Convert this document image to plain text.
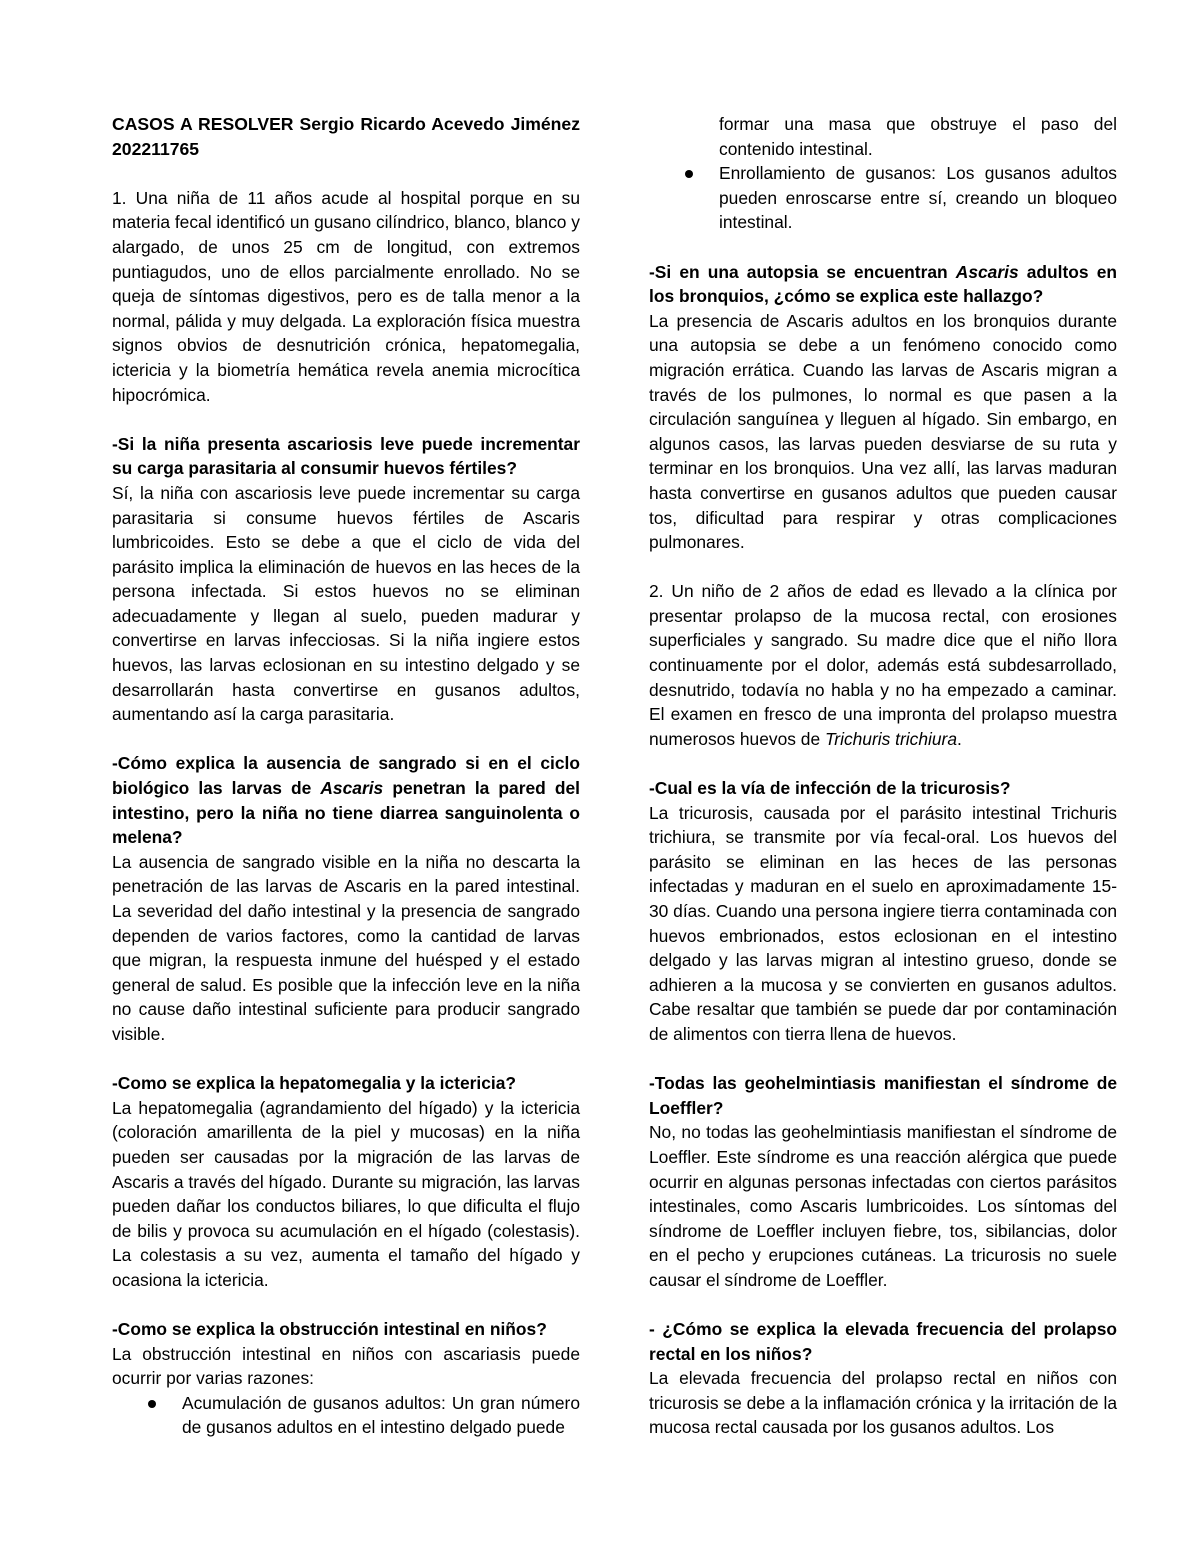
CASOS A RESOLVER Sergio Ricardo Acevedo Jiménez 202211765

1. Una niña de 11 años acude al hospital porque en su materia fecal identificó un gusano cilíndrico, blanco, blanco y alargado, de unos 25 cm de longitud, con extremos puntiagudos, uno de ellos parcialmente enrollado. No se queja de síntomas digestivos, pero es de talla menor a la normal, pálida y muy delgada. La exploración física muestra signos obvios de desnutrición crónica, hepatomegalia, ictericia y la biometría hemática revela anemia microcítica hipocrómica.

-Si la niña presenta ascariosis leve puede incrementar su carga parasitaria al consumir huevos fértiles?

Sí, la niña con ascariosis leve puede incrementar su carga parasitaria si consume huevos fértiles de Ascaris lumbricoides. Esto se debe a que el ciclo de vida del parásito implica la eliminación de huevos en las heces de la persona infectada. Si estos huevos no se eliminan adecuadamente y llegan al suelo, pueden madurar y convertirse en larvas infecciosas. Si la niña ingiere estos huevos, las larvas eclosionan en su intestino delgado y se desarrollarán hasta convertirse en gusanos adultos, aumentando así la carga parasitaria.

-Cómo explica la ausencia de sangrado si en el ciclo biológico las larvas de Ascaris penetran la pared del intestino, pero la niña no tiene diarrea sanguinolenta o melena?

La ausencia de sangrado visible en la niña no descarta la penetración de las larvas de Ascaris en la pared intestinal. La severidad del daño intestinal y la presencia de sangrado dependen de varios factores, como la cantidad de larvas que migran, la respuesta inmune del huésped y el estado general de salud. Es posible que la infección leve en la niña no cause daño intestinal suficiente para producir sangrado visible.

-Como se explica la hepatomegalia y la ictericia?

La hepatomegalia (agrandamiento del hígado) y la ictericia (coloración amarillenta de la piel y mucosas) en la niña pueden ser causadas por la migración de las larvas de Ascaris a través del hígado. Durante su migración, las larvas pueden dañar los conductos biliares, lo que dificulta el flujo de bilis y provoca su acumulación en el hígado (colestasis). La colestasis a su vez, aumenta el tamaño del hígado y ocasiona la ictericia.

-Como se explica la obstrucción intestinal en niños?

La obstrucción intestinal en niños con ascariasis puede ocurrir por varias razones:

Acumulación de gusanos adultos: Un gran número de gusanos adultos en el intestino delgado puede
formar una masa que obstruye el paso del contenido intestinal.
Enrollamiento de gusanos: Los gusanos adultos pueden enroscarse entre sí, creando un bloqueo intestinal.

-Si en una autopsia se encuentran Ascaris adultos en los bronquios, ¿cómo se explica este hallazgo?

La presencia de Ascaris adultos en los bronquios durante una autopsia se debe a un fenómeno conocido como migración errática. Cuando las larvas de Ascaris migran a través de los pulmones, lo normal es que pasen a la circulación sanguínea y lleguen al hígado. Sin embargo, en algunos casos, las larvas pueden desviarse de su ruta y terminar en los bronquios. Una vez allí, las larvas maduran hasta convertirse en gusanos adultos que pueden causar tos, dificultad para respirar y otras complicaciones pulmonares.

2. Un niño de 2 años de edad es llevado a la clínica por presentar prolapso de la mucosa rectal, con erosiones superficiales y sangrado. Su madre dice que el niño llora continuamente por el dolor, además está subdesarrollado, desnutrido, todavía no habla y no ha empezado a caminar. El examen en fresco de una impronta del prolapso muestra numerosos huevos de Trichuris trichiura.

-Cual es la vía de infección de la tricurosis?

La tricurosis, causada por el parásito intestinal Trichuris trichiura, se transmite por vía fecal-oral. Los huevos del parásito se eliminan en las heces de las personas infectadas y maduran en el suelo en aproximadamente 15-30 días. Cuando una persona ingiere tierra contaminada con huevos embrionados, estos eclosionan en el intestino delgado y las larvas migran al intestino grueso, donde se adhieren a la mucosa y se convierten en gusanos adultos. Cabe resaltar que también se puede dar por contaminación de alimentos con tierra llena de huevos.

-Todas las geohelmintiasis manifiestan el síndrome de Loeffler?

No, no todas las geohelmintiasis manifiestan el síndrome de Loeffler. Este síndrome es una reacción alérgica que puede ocurrir en algunas personas infectadas con ciertos parásitos intestinales, como Ascaris lumbricoides. Los síntomas del síndrome de Loeffler incluyen fiebre, tos, sibilancias, dolor en el pecho y erupciones cutáneas. La tricurosis no suele causar el síndrome de Loeffler.

- ¿Cómo se explica la elevada frecuencia del prolapso rectal en los niños?

La elevada frecuencia del prolapso rectal en niños con tricurosis se debe a la inflamación crónica y la irritación de la mucosa rectal causada por los gusanos adultos. Los
